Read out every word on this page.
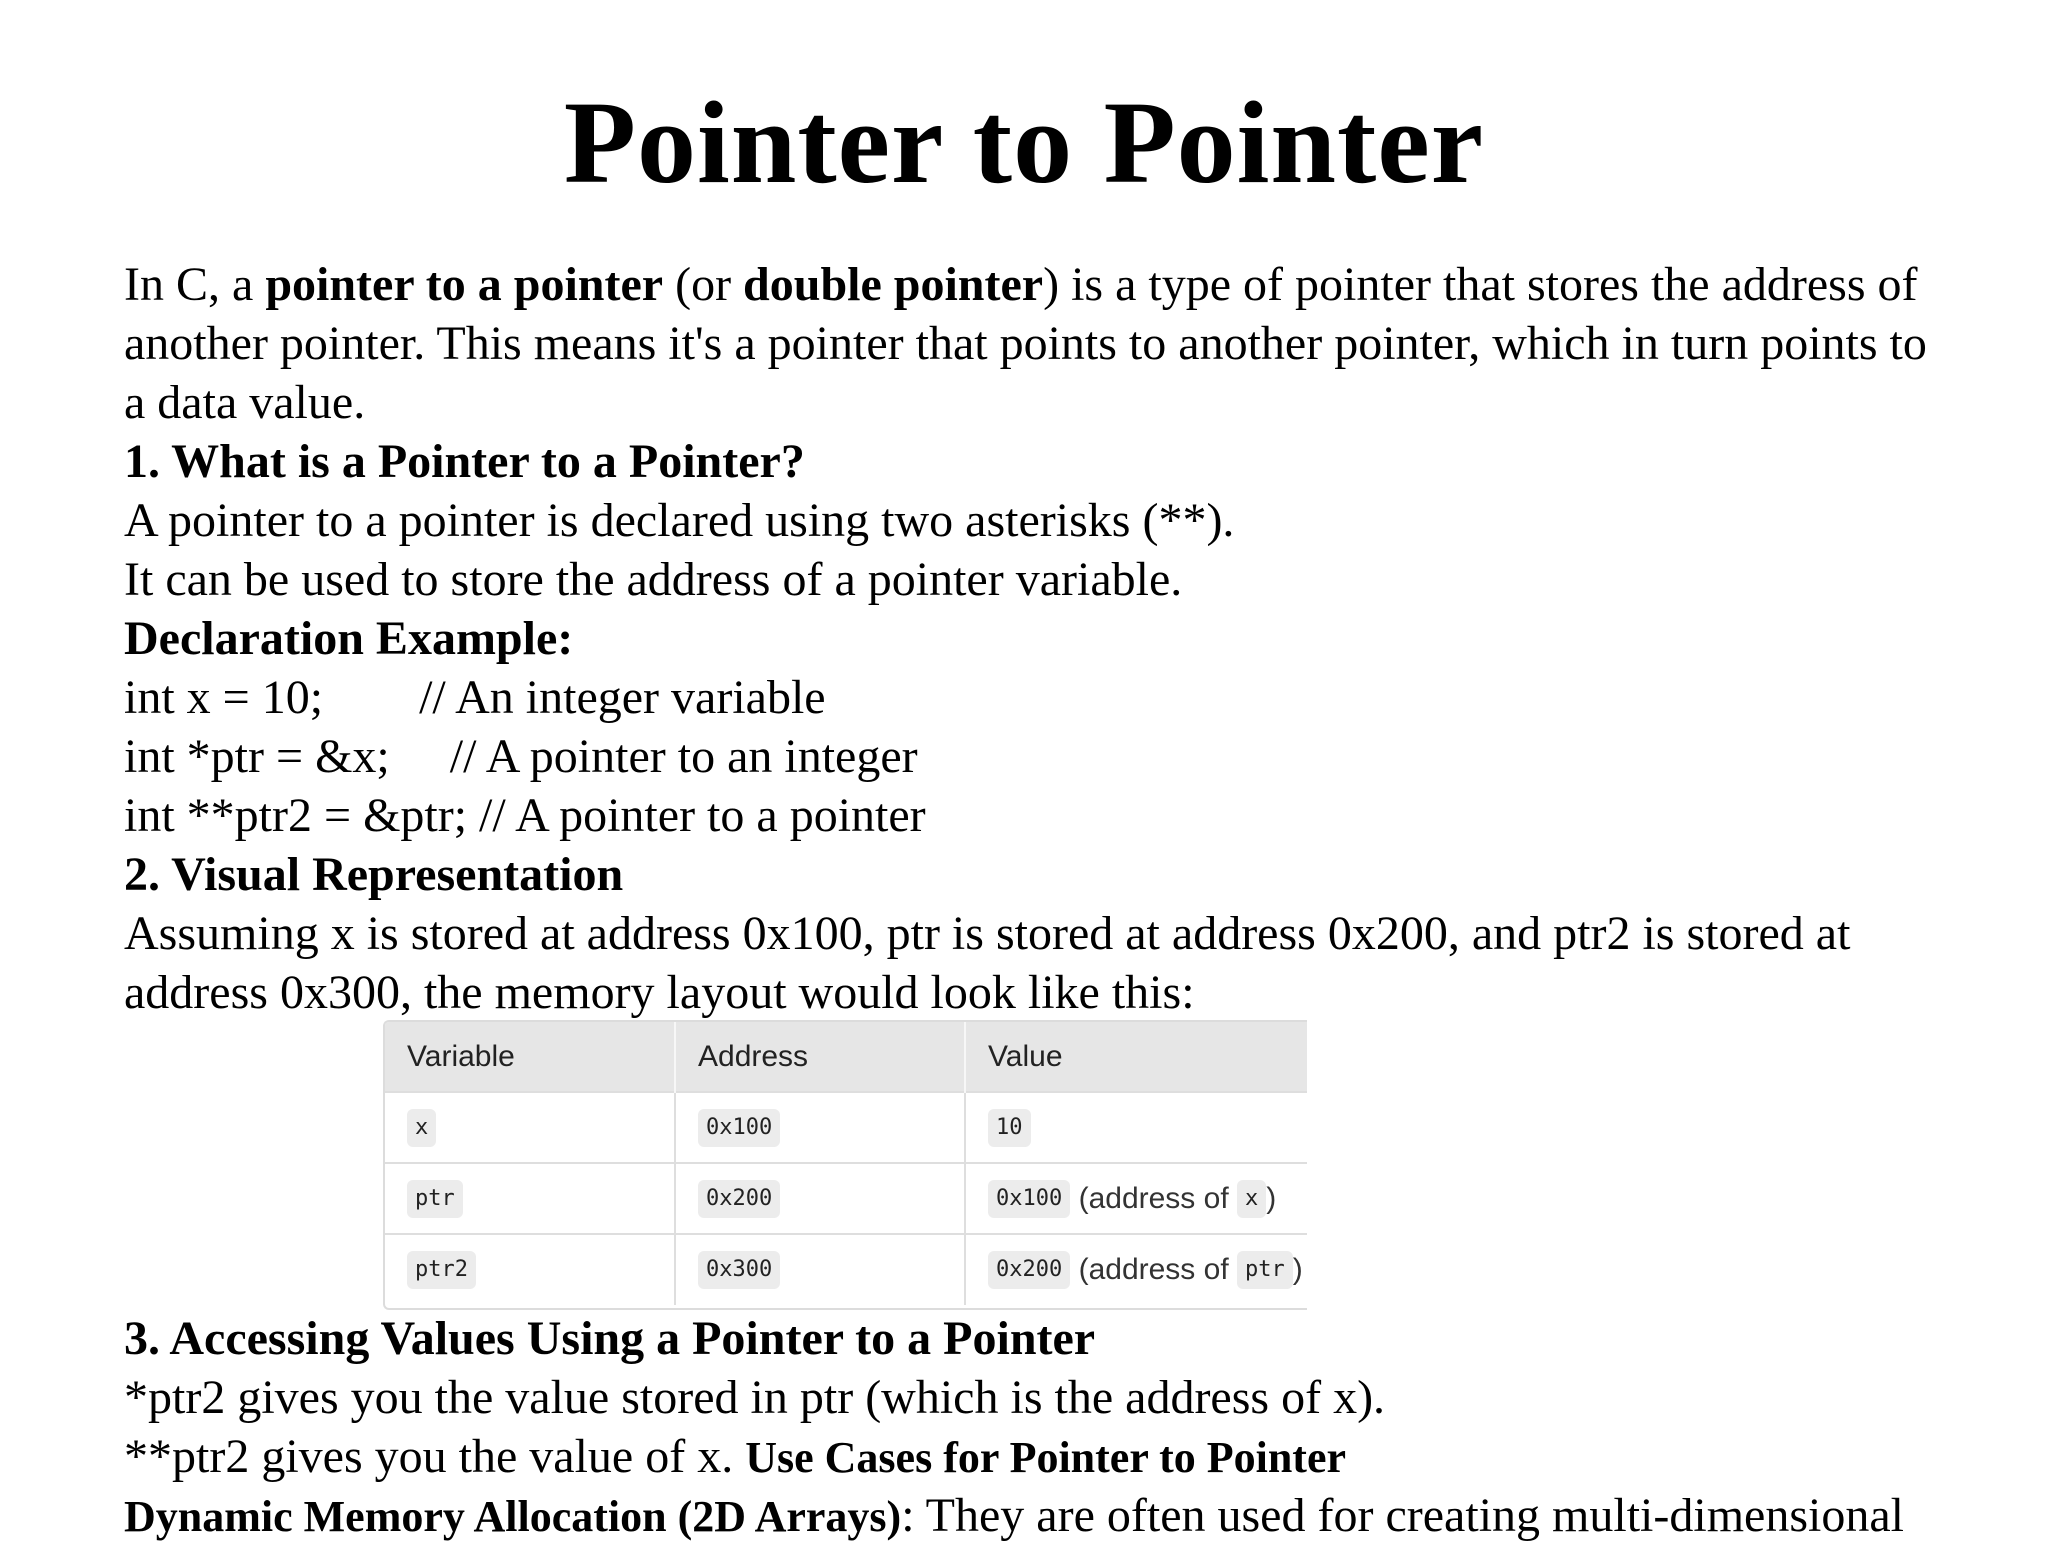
Pointer to Pointer
In C, a pointer to a pointer (or double pointer) is a type of pointer that stores the address of
another pointer. This means it's a pointer that points to another pointer, which in turn points to
a data value.
1. What is a Pointer to a Pointer?
A pointer to a pointer is declared using two asterisks (**).
It can be used to store the address of a pointer variable.
Declaration Example:
int x = 10;        // An integer variable
int *ptr = &x;     // A pointer to an integer
int **ptr2 = &ptr; // A pointer to a pointer
2. Visual Representation
Assuming x is stored at address 0x100, ptr is stored at address 0x200, and ptr2 is stored at
address 0x300, the memory layout would look like this:
Variable	Address	Value
x	0x100	10
ptr	0x200	0x100 (address of x )
ptr2	0x300	0x200 (address of ptr )
3. Accessing Values Using a Pointer to a Pointer
*ptr2 gives you the value stored in ptr (which is the address of x).
**ptr2 gives you the value of x. Use Cases for Pointer to Pointer
Dynamic Memory Allocation (2D Arrays): They are often used for creating multi-dimensional
